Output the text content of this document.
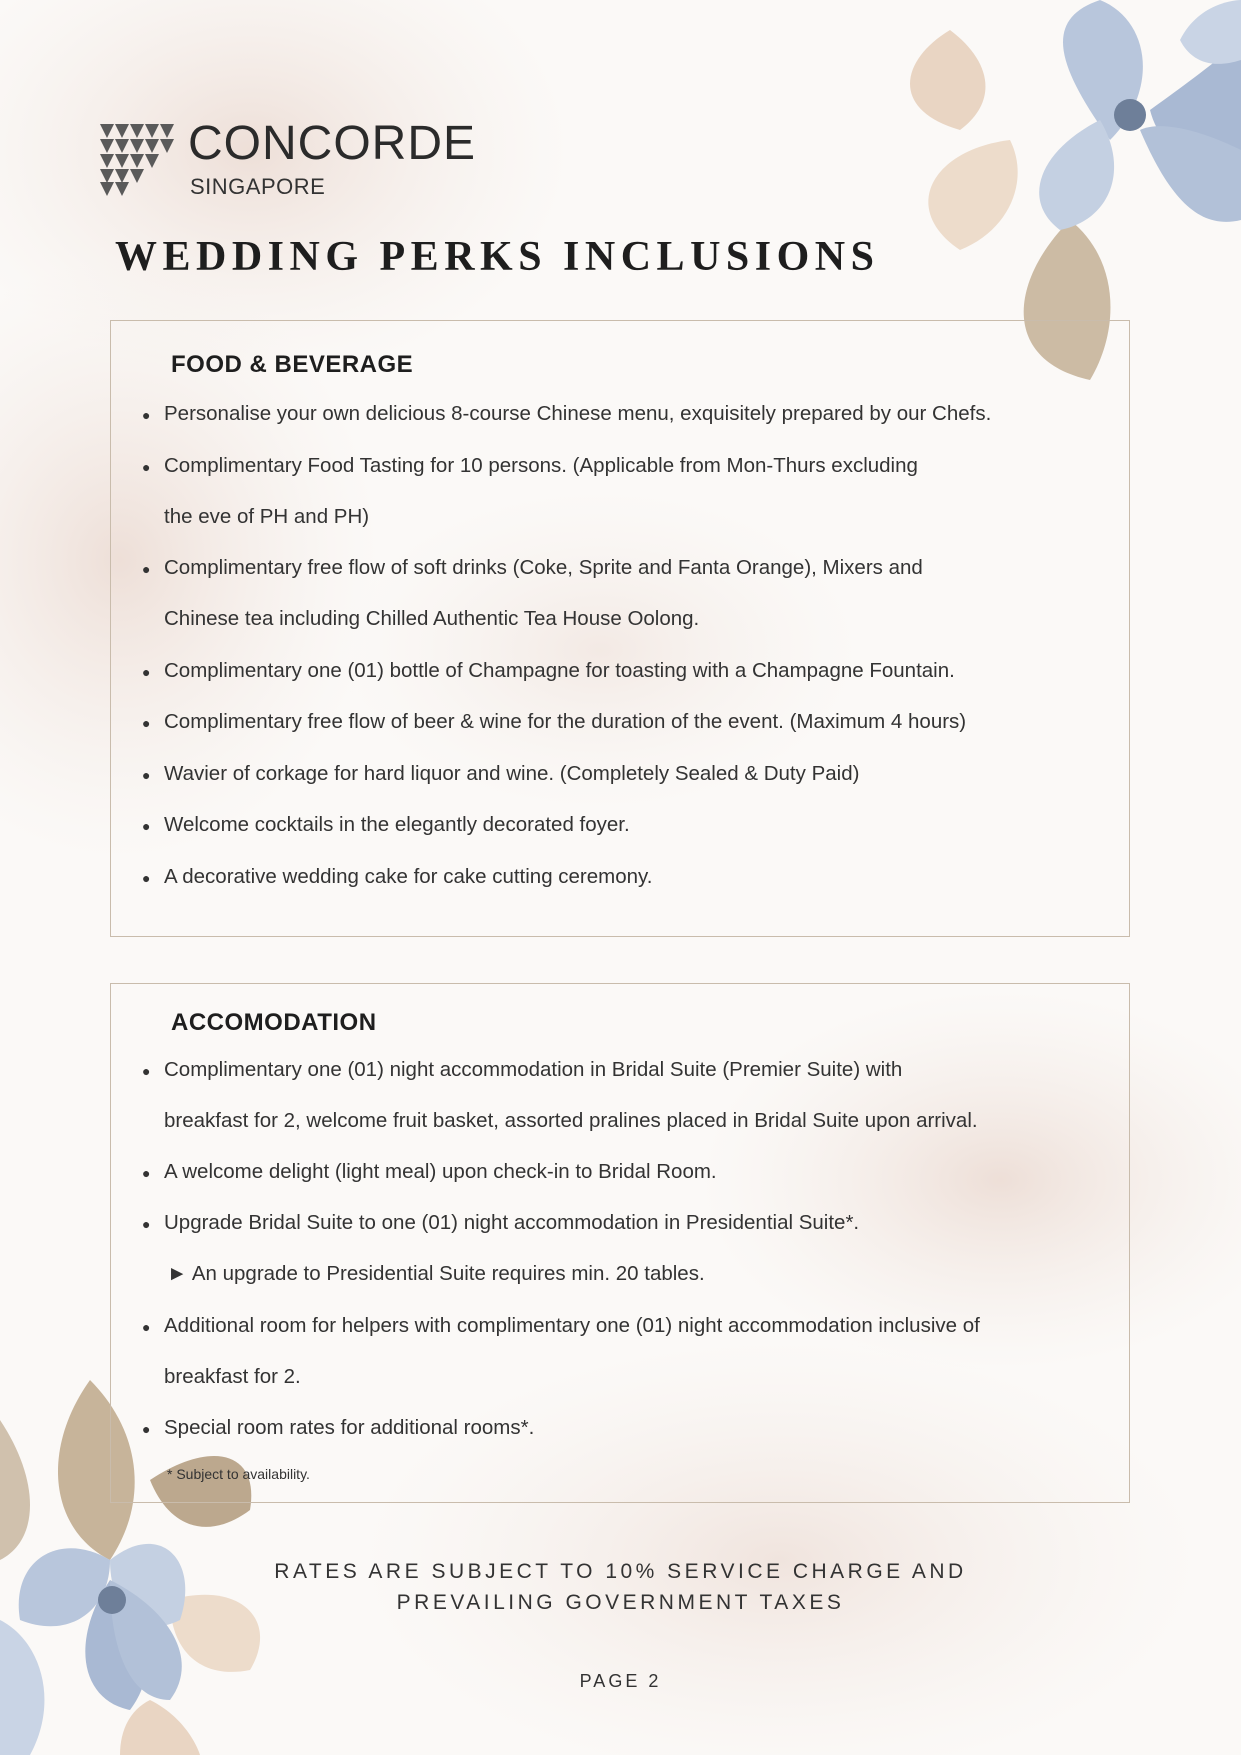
CONCORDE
SINGAPORE
WEDDING PERKS INCLUSIONS
FOOD & BEVERAGE
● Personalise your own delicious 8-course Chinese menu, exquisitely prepared by our Chefs.
● Complimentary Food Tasting for 10 persons. (Applicable from Mon-Thurs excluding
the eve of PH and PH)
● Complimentary free flow of soft drinks (Coke, Sprite and Fanta Orange), Mixers and
Chinese tea including Chilled Authentic Tea House Oolong.
● Complimentary one (01) bottle of Champagne for toasting with a Champagne Fountain.
● Complimentary free flow of beer & wine for the duration of the event. (Maximum 4 hours)
● Wavier of corkage for hard liquor and wine. (Completely Sealed & Duty Paid)
● Welcome cocktails in the elegantly decorated foyer.
● A decorative wedding cake for cake cutting ceremony.
ACCOMODATION
● Complimentary one (01) night accommodation in Bridal Suite (Premier Suite) with
breakfast for 2, welcome fruit basket, assorted pralines placed in Bridal Suite upon arrival.
● A welcome delight (light meal) upon check-in to Bridal Room.
● Upgrade Bridal Suite to one (01) night accommodation in Presidential Suite*.
► An upgrade to Presidential Suite requires min. 20 tables.
● Additional room for helpers with complimentary one (01) night accommodation inclusive of
breakfast for 2.
● Special room rates for additional rooms*.
* Subject to availability.
RATES ARE SUBJECT TO 10% SERVICE CHARGE AND
PREVAILING GOVERNMENT TAXES
PAGE 2
